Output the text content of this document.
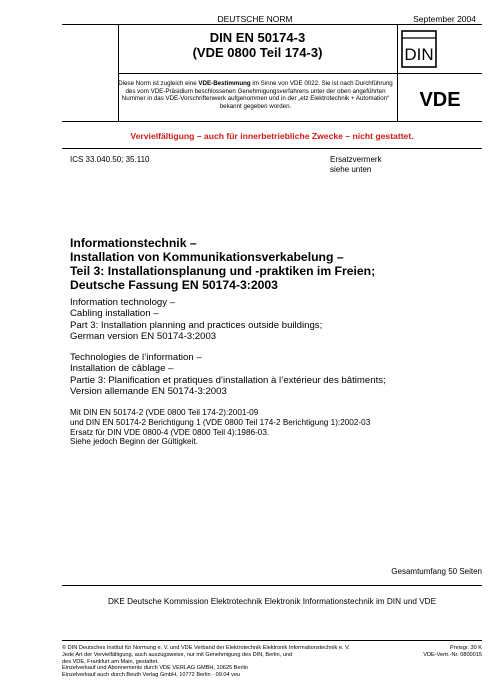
DEUTSCHE NORM	September 2004
DIN EN 50174-3
(VDE 0800 Teil 174-3)	DIN
Diese Norm ist zugleich eine VDE-Bestimmung im Sinne von VDE 0022. Sie ist nach Durchführung des vom VDE-Präsidium beschlossenen Genehmigungsverfahrens unter der oben angeführten Nummer in das VDE-Vorschriftenwerk aufgenommen und in der „etz Elektrotechnik + Automation“ bekannt gegeben worden.	VDE
Vervielfältigung – auch für innerbetriebliche Zwecke – nicht gestattet.
ICS 33.040.50; 35.110	Ersatzvermerk
siehe unten
Informationstechnik –
Installation von Kommunikationsverkabelung –
Teil 3: Installationsplanung und -praktiken im Freien;
Deutsche Fassung EN 50174-3:2003
Information technology –
Cabling installation –
Part 3: Installation planning and practices outside buildings;
German version EN 50174-3:2003
Technologies de l’information –
Installation de câblage –
Partie 3: Planification et pratiques d’installation à l’extérieur des bâtiments;
Version allemande EN 50174-3:2003
Mit DIN EN 50174-2 (VDE 0800 Teil 174-2):2001-09
und DIN EN 50174-2 Berichtigung 1 (VDE 0800 Teil 174-2 Berichtigung 1):2002-03
Ersatz für DIN VDE 0800-4 (VDE 0800 Teil 4):1986-03.
Siehe jedoch Beginn der Gültigkeit.
Gesamtumfang 50 Seiten
DKE Deutsche Kommission Elektrotechnik Elektronik Informationstechnik im DIN und VDE
© DIN Deutsches Institut für Normung e. V. und VDE Verband der Elektrotechnik Elektronik Informationstechnik e. V.
Jede Art der Vervielfältigung, auch auszugsweise, nur mit Genehmigung des DIN, Berlin, und
des VDE, Frankfurt am Main, gestattet.
Einzelverkauf und Abonnements durch VDE VERLAG GMBH, 10625 Berlin
Einzelverkauf auch durch Beuth Verlag GmbH, 10772 Berlin · 09.04 veu
Preisgr. 30 K
VDE-Vertr.-Nr. 0800015
